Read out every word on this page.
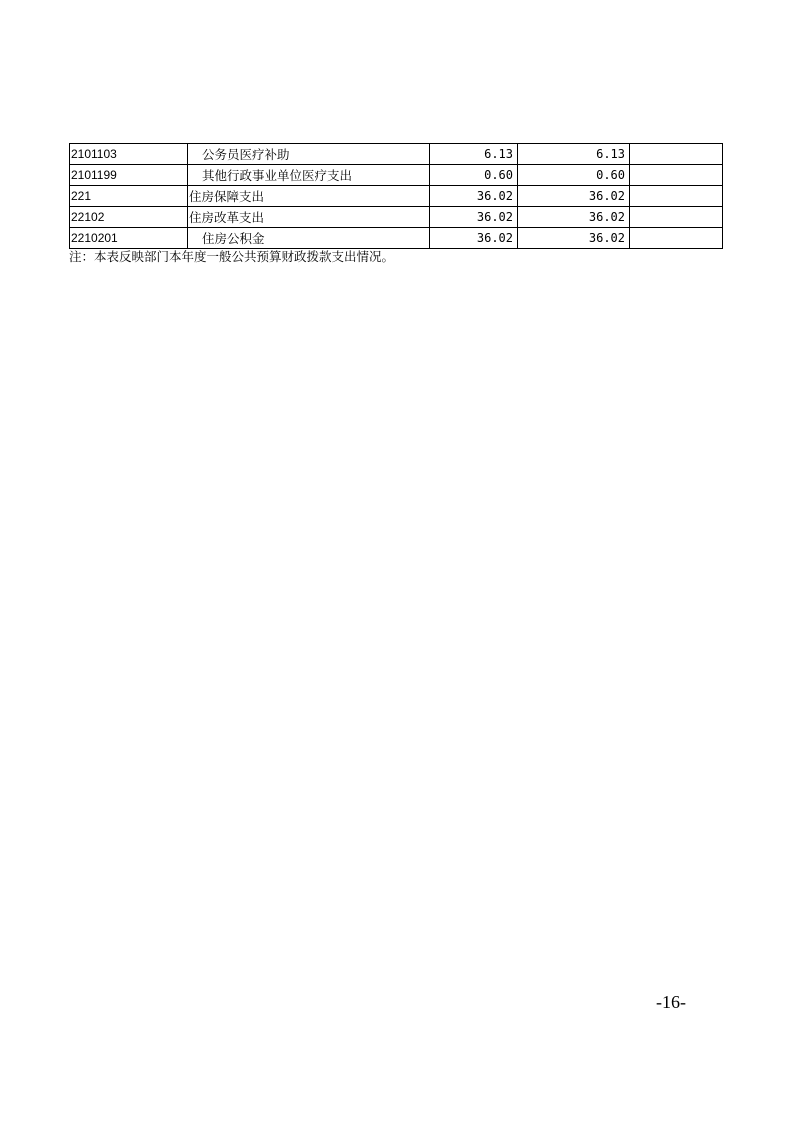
2101103	公务员医疗补助	6.13	6.13	
2101199	其他行政事业单位医疗支出	0.60	0.60	
221	住房保障支出	36.02	36.02	
22102	住房改革支出	36.02	36.02	
2210201	住房公积金	36.02	36.02	
注：本表反映部门本年度一般公共预算财政拨款支出情况。
-16-
